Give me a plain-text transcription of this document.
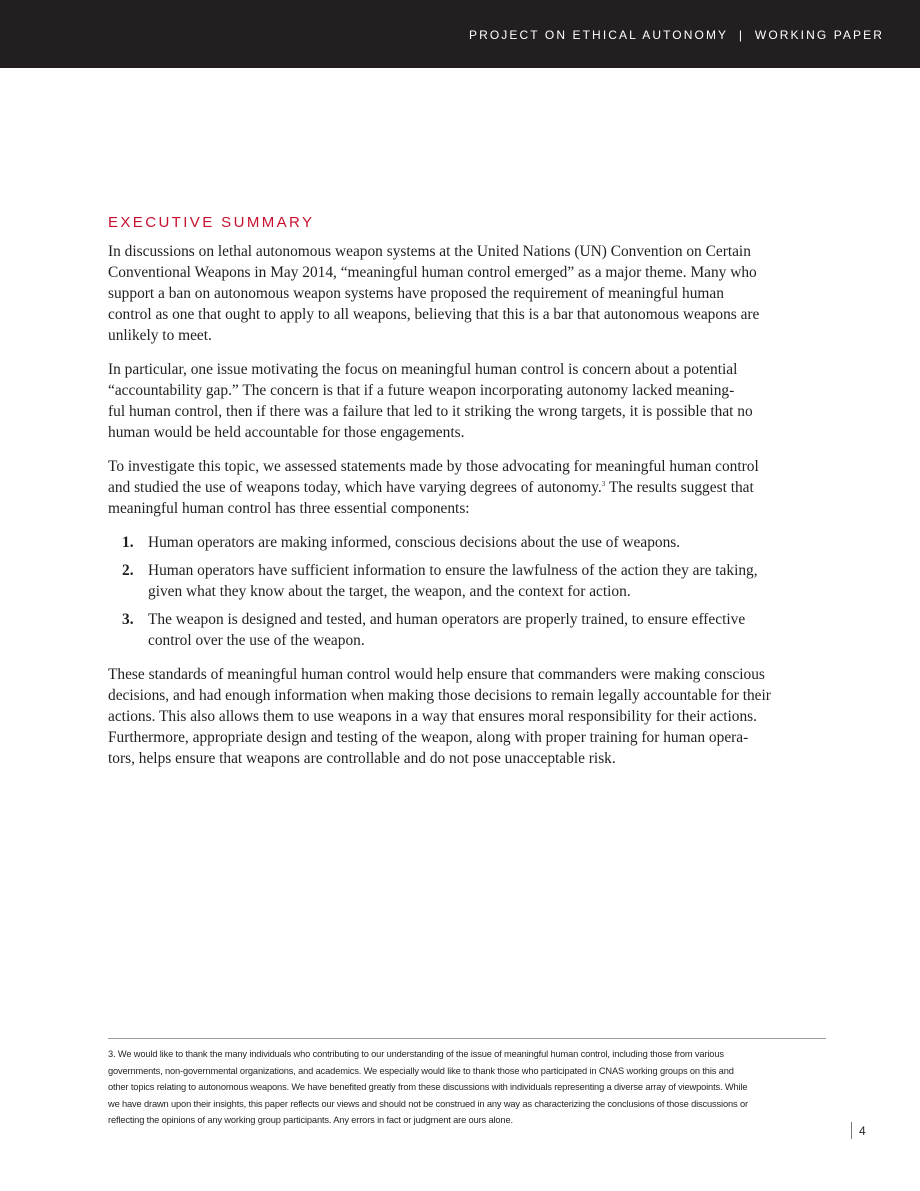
PROJECT ON ETHICAL AUTONOMY | WORKING PAPER
EXECUTIVE SUMMARY

In discussions on lethal autonomous weapon systems at the United Nations (UN) Convention on Certain
Conventional Weapons in May 2014, “meaningful human control emerged” as a major theme. Many who
support a ban on autonomous weapon systems have proposed the requirement of meaningful human
control as one that ought to apply to all weapons, believing that this is a bar that autonomous weapons are
unlikely to meet.

In particular, one issue motivating the focus on meaningful human control is concern about a potential
“accountability gap.” The concern is that if a future weapon incorporating autonomy lacked meaning-
ful human control, then if there was a failure that led to it striking the wrong targets, it is possible that no
human would be held accountable for those engagements.

To investigate this topic, we assessed statements made by those advocating for meaningful human control
and studied the use of weapons today, which have varying degrees of autonomy.$^3$ The results suggest that
meaningful human control has three essential components:

1. Human operators are making informed, conscious decisions about the use of weapons.
2. Human operators have sufficient information to ensure the lawfulness of the action they are taking,
given what they know about the target, the weapon, and the context for action.
3. The weapon is designed and tested, and human operators are properly trained, to ensure effective
control over the use of the weapon.

These standards of meaningful human control would help ensure that commanders were making conscious
decisions, and had enough information when making those decisions to remain legally accountable for their
actions. This also allows them to use weapons in a way that ensures moral responsibility for their actions.
Furthermore, appropriate design and testing of the weapon, along with proper training for human opera-
tors, helps ensure that weapons are controllable and do not pose unacceptable risk.

3. We would like to thank the many individuals who contributing to our understanding of the issue of meaningful human control, including those from various
governments, non-governmental organizations, and academics. We especially would like to thank those who participated in CNAS working groups on this and
other topics relating to autonomous weapons. We have benefited greatly from these discussions with individuals representing a diverse array of viewpoints. While
we have drawn upon their insights, this paper reflects our views and should not be construed in any way as characterizing the conclusions of those discussions or
reflecting the opinions of any working group participants. Any errors in fact or judgment are ours alone.
4
